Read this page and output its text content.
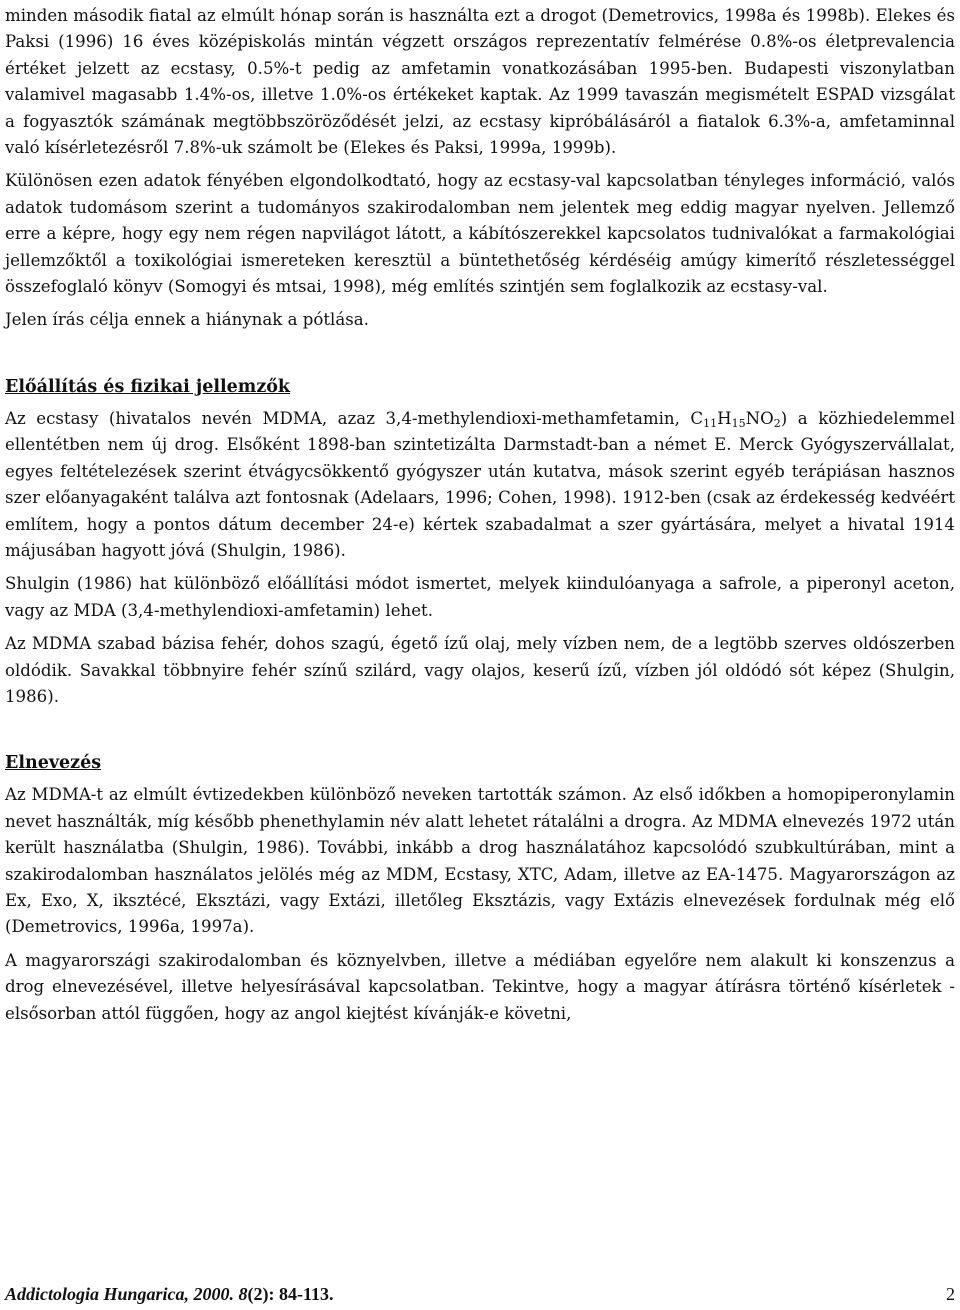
minden második fiatal az elmúlt hónap során is használta ezt a drogot (Demetrovics, 1998a és 1998b). Elekes és Paksi (1996) 16 éves középiskolás mintán végzett országos reprezentatív felmérése 0.8%-os életprevalencia értéket jelzett az ecstasy, 0.5%-t pedig az amfetamin vonatkozásában 1995-ben. Budapesti viszonylatban valamivel magasabb 1.4%-os, illetve 1.0%-os értékeket kaptak. Az 1999 tavaszán megismételt ESPAD vizsgálat a fogyasztók számának megtöbbszöröződését jelzi, az ecstasy kipróbálásáról a fiatalok 6.3%-a, amfetaminnal való kísérletezésről 7.8%-uk számolt be (Elekes és Paksi, 1999a, 1999b).

Különösen ezen adatok fényében elgondolkodtató, hogy az ecstasy-val kapcsolatban tényleges információ, valós adatok tudomásom szerint a tudományos szakirodalomban nem jelentek meg eddig magyar nyelven. Jellemző erre a képre, hogy egy nem régen napvilágot látott, a kábítószerekkel kapcsolatos tudnivalókat a farmakológiai jellemzőktől a toxikológiai ismereteken keresztül a büntethetőség kérdéséig amúgy kimerítő részletességgel összefoglaló könyv (Somogyi és mtsai, 1998), még említés szintjén sem foglalkozik az ecstasy-val.

Jelen írás célja ennek a hiánynak a pótlása.

Előállítás és fizikai jellemzők

Az ecstasy (hivatalos nevén MDMA, azaz 3,4-methylendioxi-methamfetamin, $C_{11}H_{15}NO_2$) a közhiedelemmel ellentétben nem új drog. Elsőként 1898-ban szintetizálta Darmstadt-ban a német E. Merck Gyógyszervállalat, egyes feltételezések szerint étvágycsökkentő gyógyszer után kutatva, mások szerint egyéb terápiásan hasznos szer előanyagaként találva azt fontosnak (Adelaars, 1996; Cohen, 1998). 1912-ben (csak az érdekesség kedvéért említem, hogy a pontos dátum december 24-e) kértek szabadalmat a szer gyártására, melyet a hivatal 1914 májusában hagyott jóvá (Shulgin, 1986).

Shulgin (1986) hat különböző előállítási módot ismertet, melyek kiindulóanyaga a safrole, a piperonyl aceton, vagy az MDA (3,4-methylendioxi-amfetamin) lehet.

Az MDMA szabad bázisa fehér, dohos szagú, égető ízű olaj, mely vízben nem, de a legtöbb szerves oldószerben oldódik. Savakkal többnyire fehér színű szilárd, vagy olajos, keserű ízű, vízben jól oldódó sót képez (Shulgin, 1986).

Elnevezés

Az MDMA-t az elmúlt évtizedekben különböző neveken tartották számon. Az első időkben a homopiperonylamin nevet használták, míg később phenethylamin név alatt lehetet rátalálni a drogra. Az MDMA elnevezés 1972 után került használatba (Shulgin, 1986). További, inkább a drog használatához kapcsolódó szubkultúrában, mint a szakirodalomban használatos jelölés még az MDM, Ecstasy, XTC, Adam, illetve az EA-1475. Magyarországon az Ex, Exo, X, iksztécé, Eksztázi, vagy Extázi, illetőleg Eksztázis, vagy Extázis elnevezések fordulnak még elő (Demetrovics, 1996a, 1997a).

A magyarországi szakirodalomban és köznyelvben, illetve a médiában egyelőre nem alakult ki konszenzus a drog elnevezésével, illetve helyesírásával kapcsolatban. Tekintve, hogy a magyar átírásra történő kísérletek - elsősorban attól függően, hogy az angol kiejtést kívánják-e követni,

Addictologia Hungarica, 2000. 8(2): 84-113.	2
